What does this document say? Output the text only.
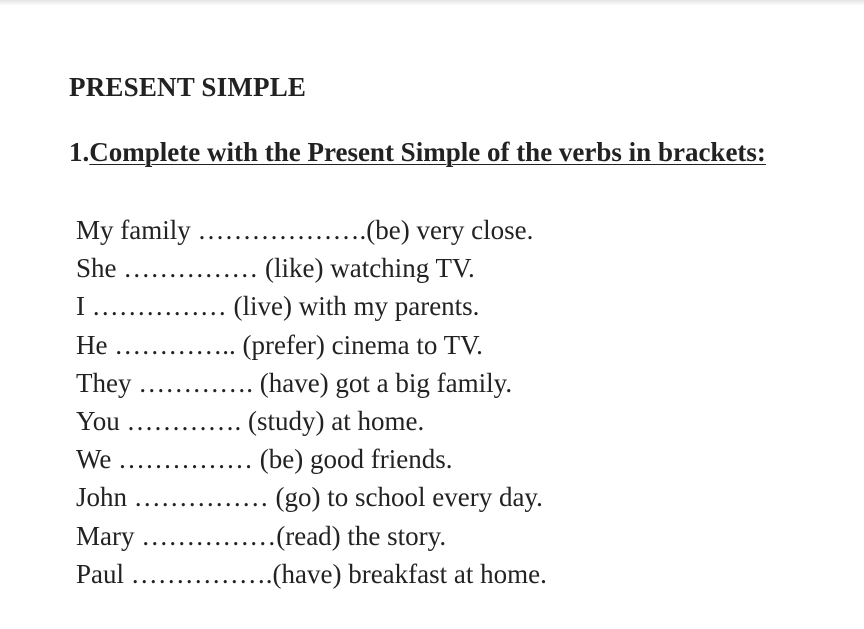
PRESENT SIMPLE
1.Complete with the Present Simple of the verbs in brackets:
My family ……………….(be) very close.
She …………… (like) watching TV.
I …………… (live) with my parents.
He ………….. (prefer) cinema to TV.
They …………. (have) got a big family.
You …………. (study) at home.
We …………… (be) good friends.
John …………… (go) to school every day.
Mary ……………(read) the story.
Paul …………….(have) breakfast at home.
